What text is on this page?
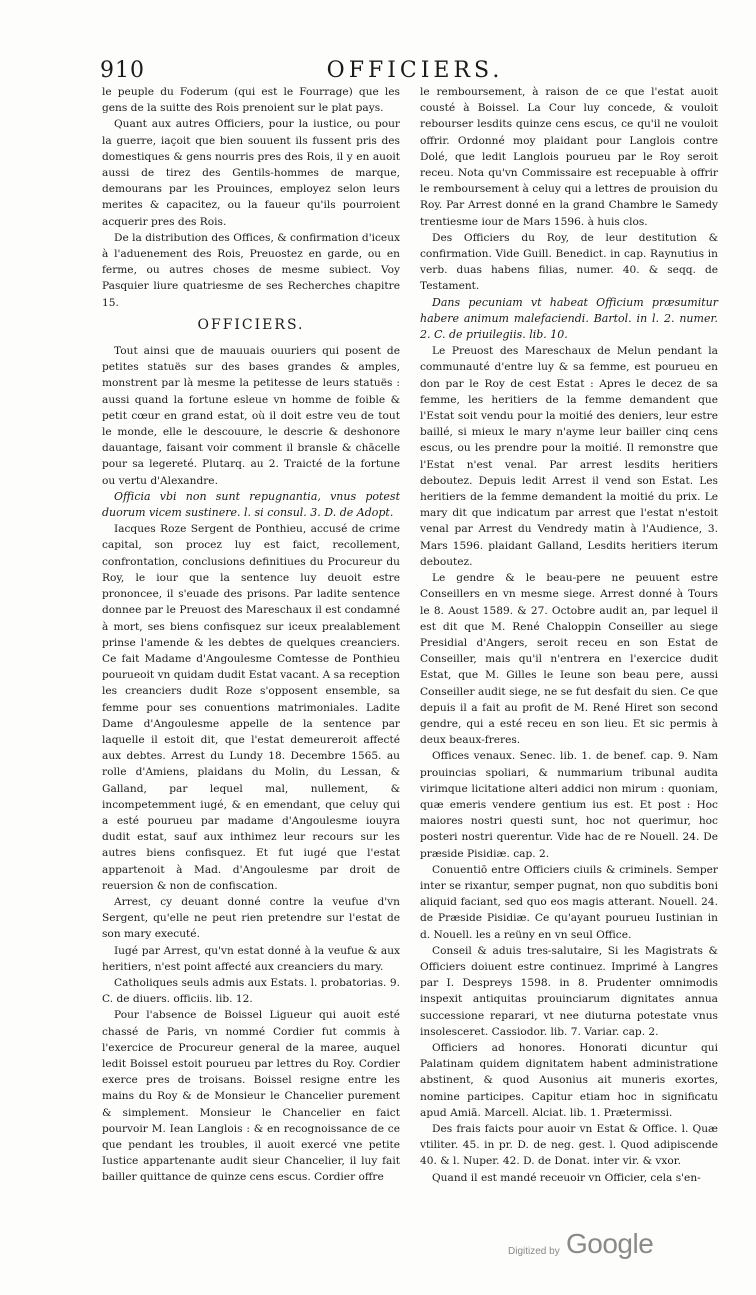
910	OFFICIERS.

le peuple du Foderum (qui est le Fourrage) que les gens de la suitte des Rois prenoient sur le plat pays.

Quant aux autres Officiers, pour la iustice, ou pour la guerre, iaçoit que bien souuent ils fussent pris des domestiques & gens nourris pres des Rois, il y en auoit aussi de tirez des Gentils-hommes de marque, demourans par les Prouinces, employez selon leurs merites & capacitez, ou la faueur qu'ils pourroient acquerir pres des Rois.

De la distribution des Offices, & confirmation d'iceux à l'aduenement des Rois, Preuostez en garde, ou en ferme, ou autres choses de mesme subiect. Voy Pasquier liure quatriesme de ses Recherches chapitre 15.

OFFICIERS.

Tout ainsi que de mauuais ouuriers qui posent de petites statuës sur des bases grandes & amples, monstrent par là mesme la petitesse de leurs statuës : aussi quand la fortune esleue vn homme de foible & petit cœur en grand estat, où il doit estre veu de tout le monde, elle le descouure, le descrie & deshonore dauantage, faisant voir comment il bransle & chācelle pour sa legereté. Plutarq. au 2. Traicté de la fortune ou vertu d'Alexandre.

Officia vbi non sunt repugnantia, vnus potest duorum vicem sustinere. l. si consul. 3. D. de Adopt.

Iacques Roze Sergent de Ponthieu, accusé de crime capital, son procez luy est faict, recollement, confrontation, conclusions definitiues du Procureur du Roy, le iour que la sentence luy deuoit estre prononcee, il s'euade des prisons. Par ladite sentence donnee par le Preuost des Mareschaux il est condamné à mort, ses biens confisquez sur iceux prealablement prinse l'amende & les debtes de quelques creanciers. Ce fait Madame d'Angoulesme Comtesse de Ponthieu pourueoit vn quidam dudit Estat vacant. A sa reception les creanciers dudit Roze s'opposent ensemble, sa femme pour ses conuentions matrimoniales. Ladite Dame d'Angoulesme appelle de la sentence par laquelle il estoit dit, que l'estat demeureroit affecté aux debtes. Arrest du Lundy 18. Decembre 1565. au rolle d'Amiens, plaidans du Molin, du Lessan, & Galland, par lequel mal, nullement, & incompetemment iugé, & en emendant, que celuy qui a esté pourueu par madame d'Angoulesme iouyra dudit estat, sauf aux inthimez leur recours sur les autres biens confisquez. Et fut iugé que l'estat appartenoit à Mad. d'Angoulesme par droit de reuersion & non de confiscation.

Arrest, cy deuant donné contre la veufue d'vn Sergent, qu'elle ne peut rien pretendre sur l'estat de son mary executé.

Iugé par Arrest, qu'vn estat donné à la veufue & aux heritiers, n'est point affecté aux creanciers du mary.

Catholiques seuls admis aux Estats. l. probatorias. 9. C. de diuers. officiis. lib. 12.

Pour l'absence de Boissel Ligueur qui auoit esté chassé de Paris, vn nommé Cordier fut commis à l'exercice de Procureur general de la maree, auquel ledit Boissel estoit pourueu par lettres du Roy. Cordier exerce pres de troisans. Boissel resigne entre les mains du Roy & de Monsieur le Chancelier purement & simplement. Monsieur le Chancelier en faict pourvoir M. Iean Langlois : & en recognoissance de ce que pendant les troubles, il auoit exercé vne petite Iustice appartenante audit sieur Chancelier, il luy fait bailler quittance de quinze cens escus. Cordier offre

le remboursement, à raison de ce que l'estat auoit cousté à Boissel. La Cour luy concede, & vouloit rebourser lesdits quinze cens escus, ce qu'il ne vouloit offrir. Ordonné moy plaidant pour Langlois contre Dolé, que ledit Langlois pourueu par le Roy seroit receu. Nota qu'vn Commissaire est recepuable à offrir le remboursement à celuy qui a lettres de prouision du Roy. Par Arrest donné en la grand Chambre le Samedy trentiesme iour de Mars 1596. à huis clos.

Des Officiers du Roy, de leur destitution & confirmation. Vide Guill. Benedict. in cap. Raynutius in verb. duas habens filias, numer. 40. & seqq. de Testament.

Dans pecuniam vt habeat Officium præsumitur habere animum malefaciendi. Bartol. in l. 2. numer. 2. C. de priuilegiis. lib. 10.

Le Preuost des Mareschaux de Melun pendant la communauté d'entre luy & sa femme, est pourueu en don par le Roy de cest Estat : Apres le decez de sa femme, les heritiers de la femme demandent que l'Estat soit vendu pour la moitié des deniers, leur estre baillé, si mieux le mary n'ayme leur bailler cinq cens escus, ou les prendre pour la moitié. Il remonstre que l'Estat n'est venal. Par arrest lesdits heritiers deboutez. Depuis ledit Arrest il vend son Estat. Les heritiers de la femme demandent la moitié du prix. Le mary dit que indicatum par arrest que l'estat n'estoit venal par Arrest du Vendredy matin à l'Audience, 3. Mars 1596. plaidant Galland, Lesdits heritiers iterum deboutez.

Le gendre & le beau-pere ne peuuent estre Conseillers en vn mesme siege. Arrest donné à Tours le 8. Aoust 1589. & 27. Octobre audit an, par lequel il est dit que M. René Chaloppin Conseiller au siege Presidial d'Angers, seroit receu en son Estat de Conseiller, mais qu'il n'entrera en l'exercice dudit Estat, que M. Gilles le Ieune son beau pere, aussi Conseiller audit siege, ne se fut desfait du sien. Ce que depuis il a fait au profit de M. René Hiret son second gendre, qui a esté receu en son lieu. Et sic permis à deux beaux-freres.

Offices venaux. Senec. lib. 1. de benef. cap. 9. Nam prouincias spoliari, & nummarium tribunal audita virimque licitatione alteri addici non mirum : quoniam, quæ emeris vendere gentium ius est. Et post : Hoc maiores nostri questi sunt, hoc not querimur, hoc posteri nostri querentur. Vide hac de re Nouell. 24. De præside Pisidiæ. cap. 2.

Conuentiō entre Officiers ciuils & criminels. Semper inter se rixantur, semper pugnat, non quo subditis boni aliquid faciant, sed quo eos magis atterant. Nouell. 24. de Præside Pisidiæ. Ce qu'ayant pourueu Iustinian in d. Nouell. les a reüny en vn seul Office.

Conseil & aduis tres-salutaire, Si les Magistrats & Officiers doiuent estre continuez. Imprimé à Langres par I. Despreys 1598. in 8. Prudenter omnimodis inspexit antiquitas prouinciarum dignitates annua successione reparari, vt nee diuturna potestate vnus insolesceret. Cassiodor. lib. 7. Variar. cap. 2.

Officiers ad honores. Honorati dicuntur qui Palatinam quidem dignitatem habent administratione abstinent, & quod Ausonius ait muneris exortes, nomine participes. Capitur etiam hoc in significatu apud Amiā. Marcell. Alciat. lib. 1. Prætermissi.

Des frais faicts pour auoir vn Estat & Office. l. Quæ vtiliter. 45. in pr. D. de neg. gest. l. Quod adipiscende 40. & l. Nuper. 42. D. de Donat. inter vir. & vxor.

Quand il est mandé receuoir vn Officier, cela s'en-

Digitized by Google
